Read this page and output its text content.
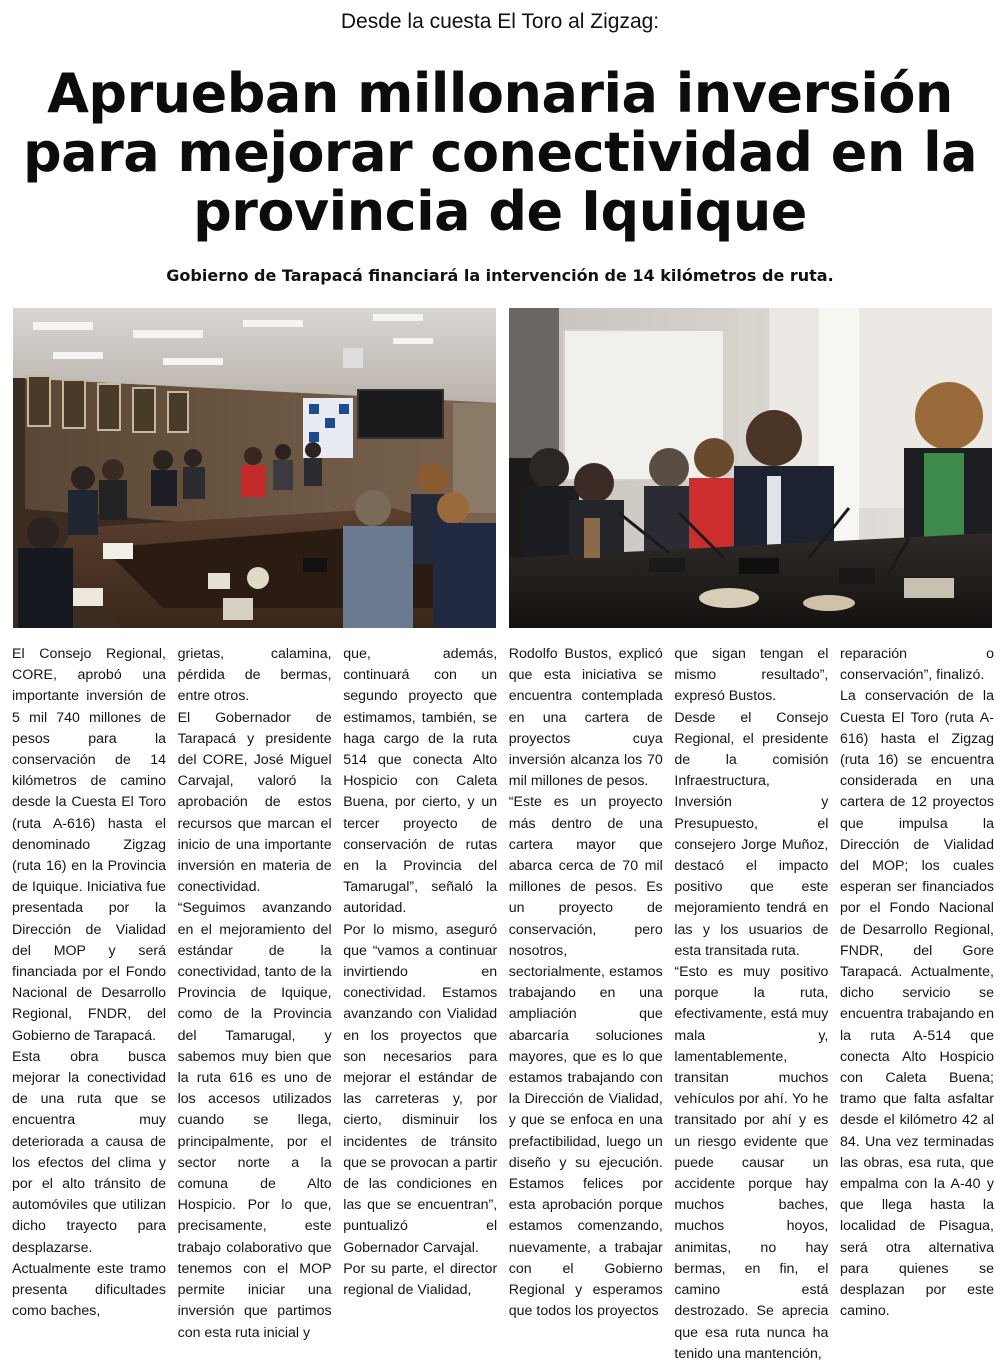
Desde la cuesta El Toro al Zigzag:
Aprueban millonaria inversión
para mejorar conectividad en la
provincia de Iquique
Gobierno de Tarapacá financiará la intervención de 14 kilómetros de ruta.

El Consejo Regional, CORE, aprobó una importante inversión de 5 mil 740 millones de pesos para la conservación de 14 kilómetros de camino desde la Cuesta El Toro (ruta A-616) hasta el denominado Zigzag (ruta 16) en la Provincia de Iquique. Iniciativa fue presentada por la Dirección de Vialidad del MOP y será financiada por el Fondo Nacional de Desarrollo Regional, FNDR, del Gobierno de Tarapacá.

Esta obra busca mejorar la conectividad de una ruta que se encuentra muy deteriorada a causa de los efectos del clima y por el alto tránsito de automóviles que utilizan dicho trayecto para desplazarse. Actualmente este tramo presenta dificultades como baches,

grietas, calamina, pérdida de bermas, entre otros.

El Gobernador de Tarapacá y presidente del CORE, José Miguel Carvajal, valoró la aprobación de estos recursos que marcan el inicio de una importante inversión en materia de conectividad.

“Seguimos avanzando en el mejoramiento del estándar de la conectividad, tanto de la Provincia de Iquique, como de la Provincia del Tamarugal, y sabemos muy bien que la ruta 616 es uno de los accesos utilizados cuando se llega, principalmente, por el sector norte a la comuna de Alto Hospicio. Por lo que, precisamente, este trabajo colaborativo que tenemos con el MOP permite iniciar una inversión que partimos con esta ruta inicial y

que, además, continuará con un segundo proyecto que estimamos, también, se haga cargo de la ruta 514 que conecta Alto Hospicio con Caleta Buena, por cierto, y un tercer proyecto de conservación de rutas en la Provincia del Tamarugal”, señaló la autoridad.

Por lo mismo, aseguró que “vamos a continuar invirtiendo en conectividad. Estamos avanzando con Vialidad en los proyectos que son necesarios para mejorar el estándar de las carreteras y, por cierto, disminuir los incidentes de tránsito que se provocan a partir de las condiciones en las que se encuentran”, puntualizó el Gobernador Carvajal.

Por su parte, el director regional de Vialidad,

Rodolfo Bustos, explicó que esta iniciativa se encuentra contemplada en una cartera de proyectos cuya inversión alcanza los 70 mil millones de pesos.

“Este es un proyecto más dentro de una cartera mayor que abarca cerca de 70 mil millones de pesos. Es un proyecto de conservación, pero nosotros, sectorialmente, estamos trabajando en una ampliación que abarcaría soluciones mayores, que es lo que estamos trabajando con la Dirección de Vialidad, y que se enfoca en una prefactibilidad, luego un diseño y su ejecución. Estamos felices por esta aprobación porque estamos comenzando, nuevamente, a trabajar con el Gobierno Regional y esperamos que todos los proyectos

que sigan tengan el mismo resultado”, expresó Bustos.

Desde el Consejo Regional, el presidente de la comisión Infraestructura, Inversión y Presupuesto, el consejero Jorge Muñoz, destacó el impacto positivo que este mejoramiento tendrá en las y los usuarios de esta transitada ruta.

“Esto es muy positivo porque la ruta, efectivamente, está muy mala y, lamentablemente, transitan muchos vehículos por ahí. Yo he transitado por ahí y es un riesgo evidente que puede causar un accidente porque hay muchos baches, muchos hoyos, animitas, no hay bermas, en fin, el camino está destrozado. Se aprecia que esa ruta nunca ha tenido una mantención,

reparación o conservación”, finalizó.

La conservación de la Cuesta El Toro (ruta A-616) hasta el Zigzag (ruta 16) se encuentra considerada en una cartera de 12 proyectos que impulsa la Dirección de Vialidad del MOP; los cuales esperan ser financiados por el Fondo Nacional de Desarrollo Regional, FNDR, del Gore Tarapacá. Actualmente, dicho servicio se encuentra trabajando en la ruta A-514 que conecta Alto Hospicio con Caleta Buena; tramo que falta asfaltar desde el kilómetro 42 al 84. Una vez terminadas las obras, esa ruta, que empalma con la A-40 y que llega hasta la localidad de Pisagua, será otra alternativa para quienes se desplazan por este camino.
